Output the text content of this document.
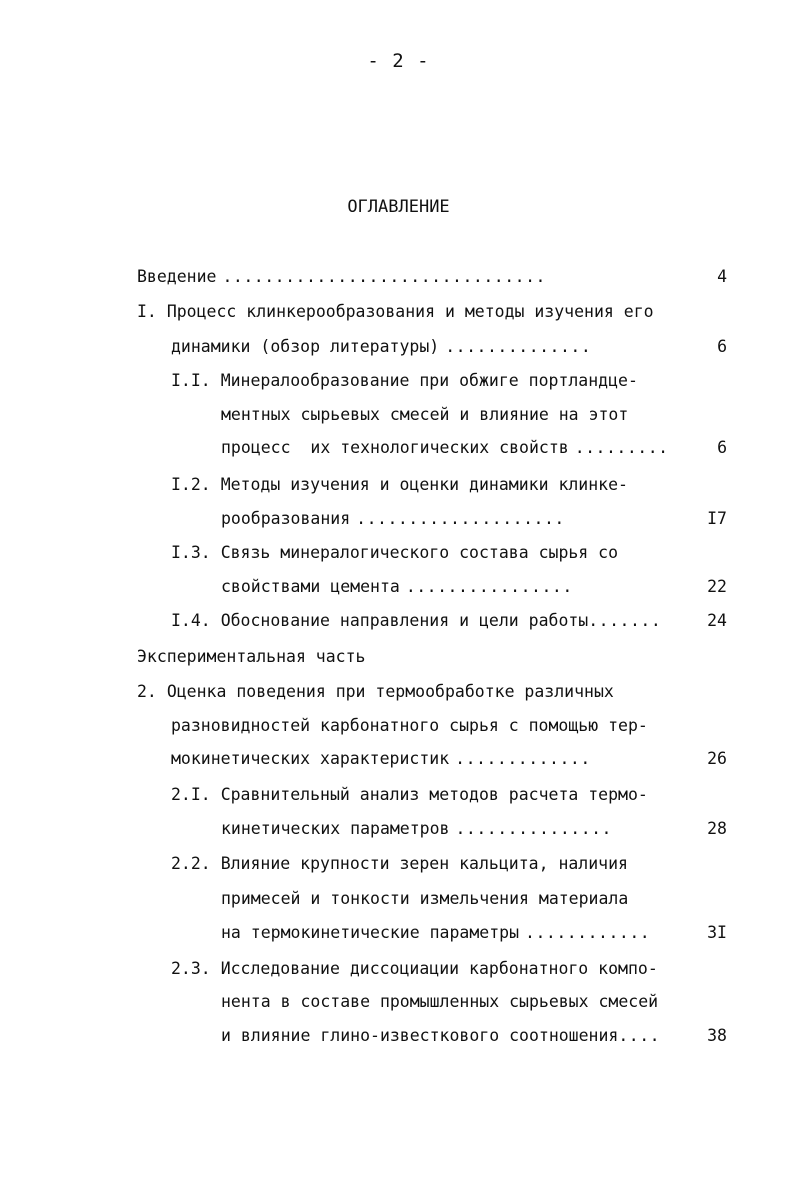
- 2 -
ОГЛАВЛЕНИЕ
Введение ...............................	4
I. Процесс клинкерообразования и методы изучения его
динамики (обзор литературы) ..............	6
I.I. Минералообразование при обжиге портландце-
ментных сырьевых смесей и влияние на этот
процесс  их технологических свойств .........	6
I.2. Методы изучения и оценки динамики клинке-
рообразования ....................	I7
I.3. Связь минералогического состава сырья со
свойствами цемента ................	22
I.4. Обоснование направления и цели работы .......	24
Экспериментальная часть
2. Оценка поведения при термообработке различных
разновидностей карбонатного сырья с помощью тер-
мокинетических характеристик .............	26
2.I. Сравнительный анализ методов расчета термо-
кинетических параметров ...............	28
2.2. Влияние крупности зерен кальцита, наличия
примесей и тонкости измельчения материала
на термокинетические параметры ............	3I
2.3. Исследование диссоциации карбонатного компо-
нента в составе промышленных сырьевых смесей
и влияние глино-известкового соотношения ....	38
